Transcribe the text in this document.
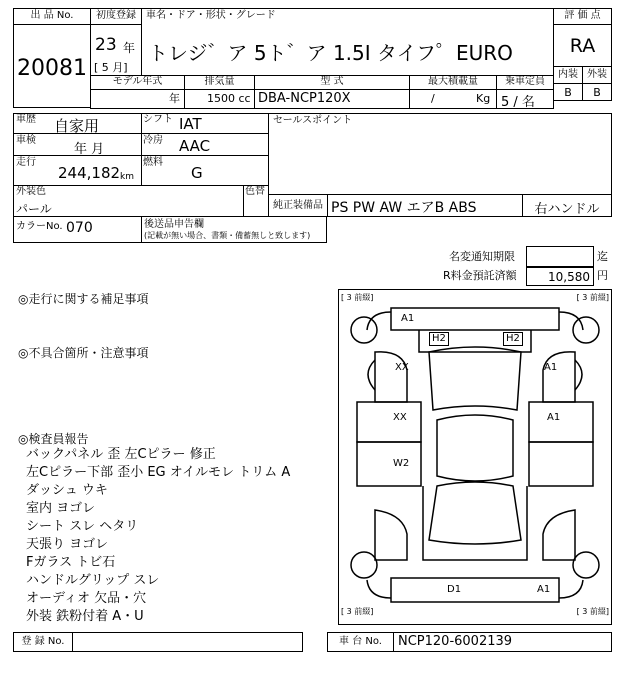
出 品 No.
20081
初度登録
23 年
[ 5 月]
車名・ドア・形状・グレード
トレジ゛ア 5ト゛ア 1.5I タイフ゜EURO
評 価 点
RA
内装 外装
B	B
モデル年式	排気量	型 式	最大積載量	乗車定員
年 1500 cc DBA-NCP120X	/	Kg 5 / 名
車歴 自家用	シフト IAT
車検
年 月
冷房 AAC
走行
244,182 km
燃料
G
セールスポイント
外装色
パール
色替
純正装備品 PS PW AW エアB ABS	右ハンドル
カラーNo. 070	後送品申告欄
(記載が無い場合、書類・備蓄無しと致します)
名変通知期限	迄
R料金預託済額	10,580 円
◎走行に関する補足事項
◎不具合箇所・注意事項
◎検査員報告
バックパネル 歪 左Cピラー 修正
左Cピラー下部 歪小 EG オイルモレ トリム A
ダッシュ ウキ
室内 ヨゴレ
シート スレ ヘタリ
天張り ヨゴレ
Fガラス トビ石
ハンドルグリップ スレ
オーディオ 欠品・穴
外装 鉄粉付着 A・U
[ 3 前綴]	[ 3 前綴]
[ 3 前綴]	[ 3 前綴]
A1
H2	H2
XX	A1
XX	A1
W2
D1	A1
登 録 No.	車 台 No.	NCP120-6002139
